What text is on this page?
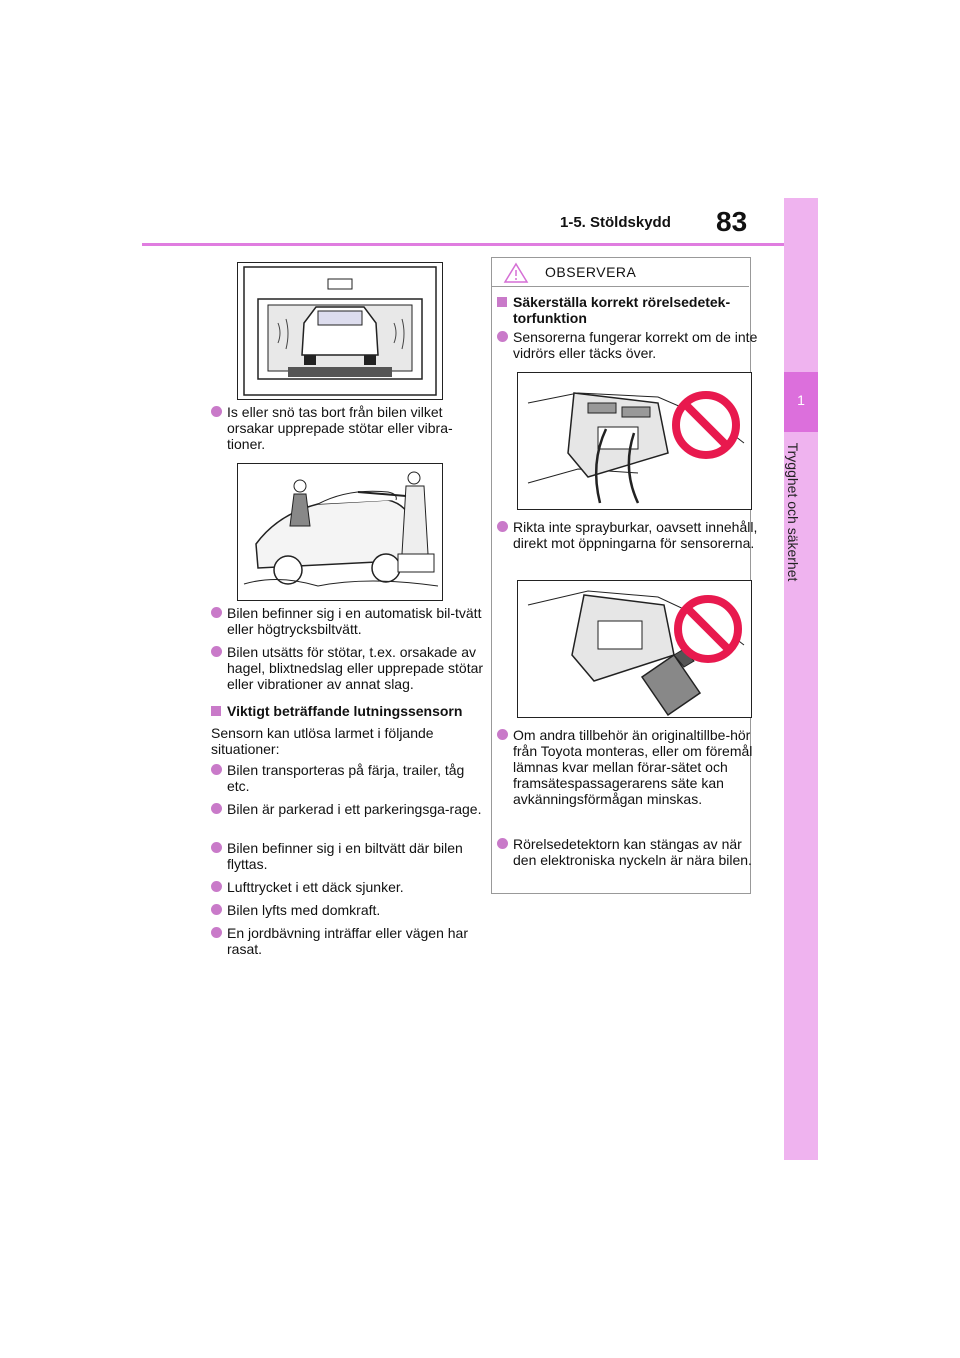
1-5. Stöldskydd 83
1
Trygghet och säkerhet
Is eller snö tas bort från bilen vilket orsakar upprepade stötar eller vibra-tioner.
Bilen befinner sig i en automatisk bil-tvätt eller högtrycksbiltvätt.
Bilen utsätts för stötar, t.ex. orsakade av hagel, blixtnedslag eller upprepade stötar eller vibrationer av annat slag.
Viktigt beträffande lutningssensorn
Sensorn kan utlösa larmet i följande situationer:
Bilen transporteras på färja, trailer, tåg etc.
Bilen är parkerad i ett parkeringsga-rage.
Bilen befinner sig i en biltvätt där bilen flyttas.
Lufttrycket i ett däck sjunker.
Bilen lyfts med domkraft.
En jordbävning inträffar eller vägen har rasat.
OBSERVERA
Säkerställa korrekt rörelsedetek-torfunktion
Sensorerna fungerar korrekt om de inte vidrörs eller täcks över.
Rikta inte sprayburkar, oavsett innehåll, direkt mot öppningarna för sensorerna.
Om andra tillbehör än originaltillbe-hör från Toyota monteras, eller om föremål lämnas kvar mellan förar-sätet och framsätespassagerarens säte kan avkänningsförmågan minskas.
Rörelsedetektorn kan stängas av när den elektroniska nyckeln är nära bilen.
